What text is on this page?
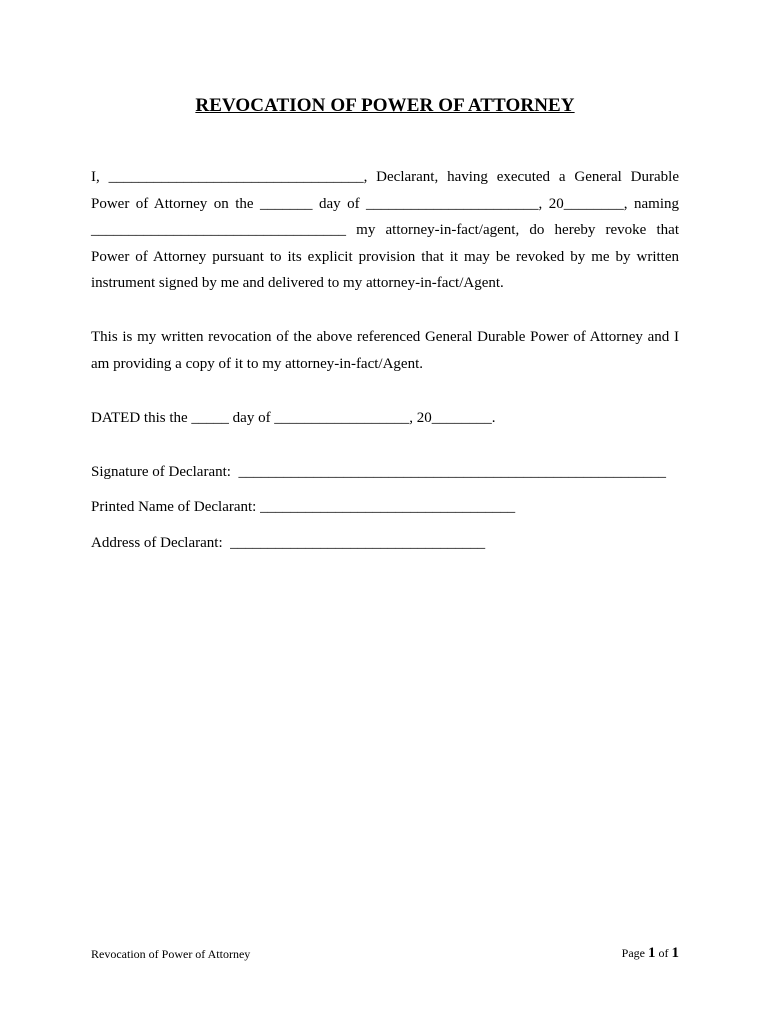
REVOCATION OF POWER OF ATTORNEY
I, __________________________________, Declarant, having executed a General Durable Power of Attorney on the _______ day of _______________________, 20________, naming __________________________________ my attorney-in-fact/agent, do hereby revoke that Power of Attorney pursuant to its explicit provision that it may be revoked by me by written instrument signed by me and delivered to my attorney-in-fact/Agent.
This is my written revocation of the above referenced General Durable Power of Attorney and I am providing a copy of it to my attorney-in-fact/Agent.
DATED this the _____ day of __________________, 20________.
Signature of Declarant:  _________________________________________________________
Printed Name of Declarant: __________________________________
Address of Declarant:  __________________________________
Revocation of Power of Attorney	Page 1 of 1
